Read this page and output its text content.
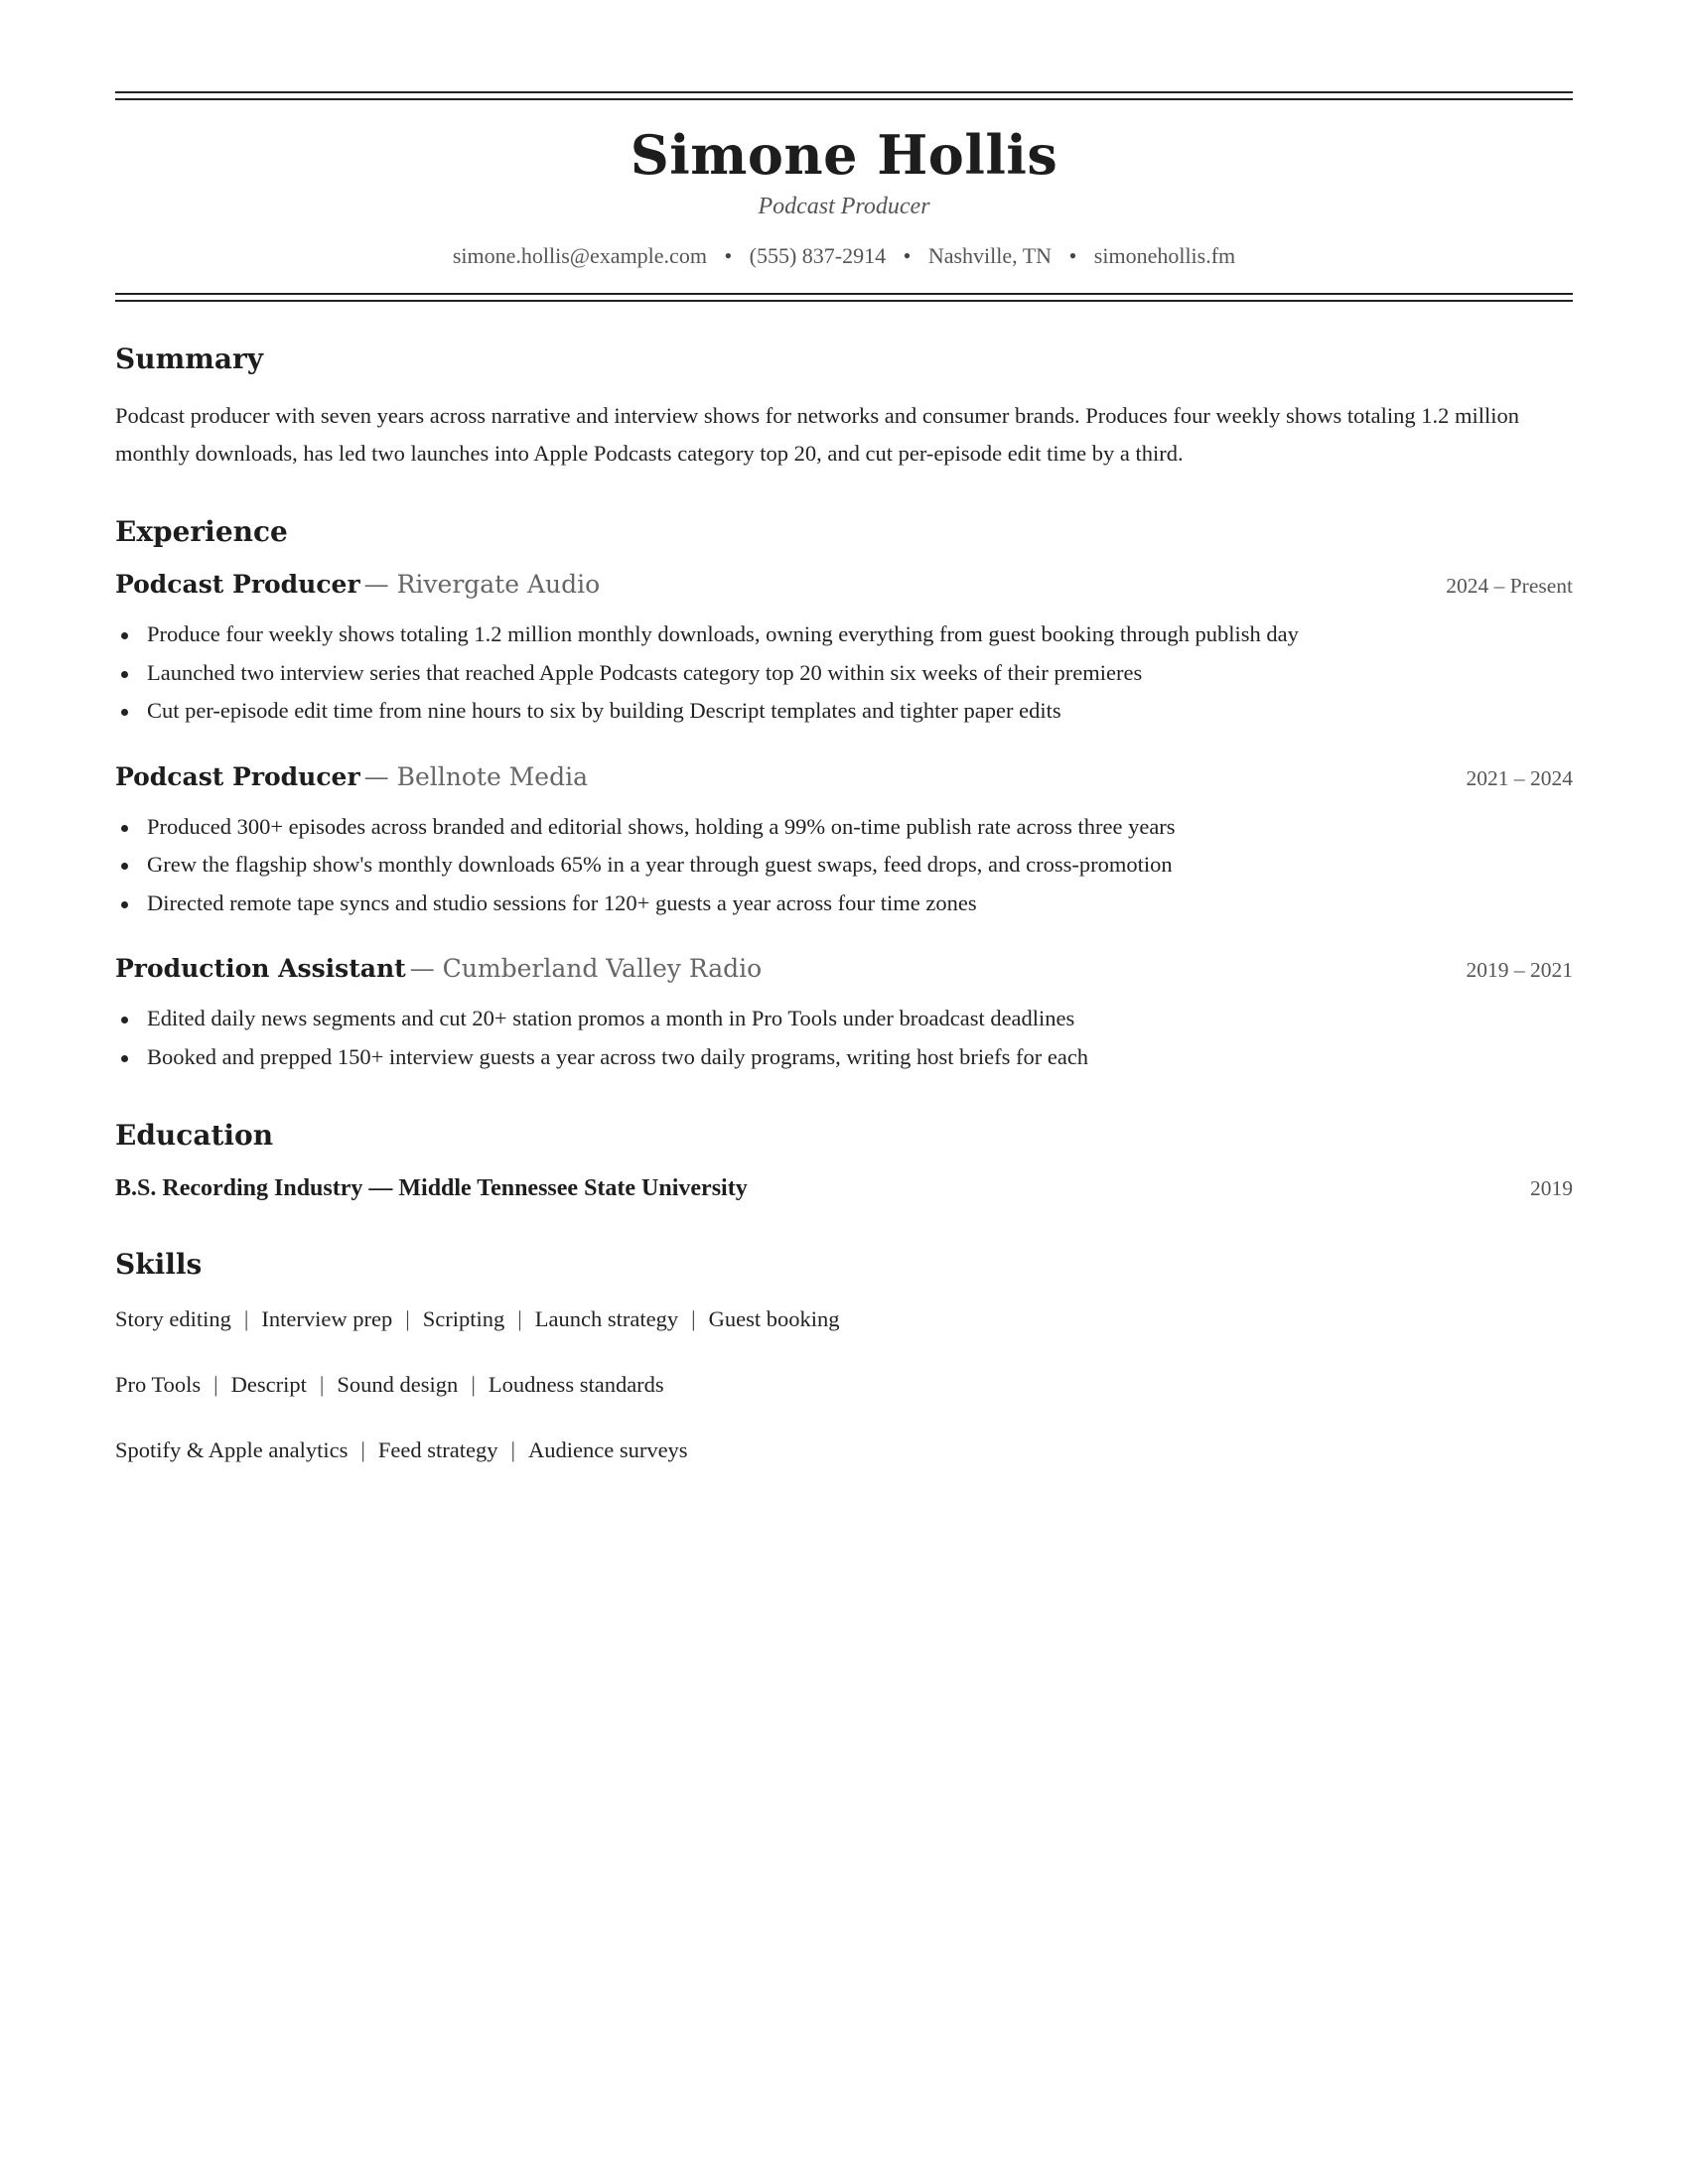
Simone Hollis
Podcast Producer
simone.hollis@example.com • (555) 837-2914 • Nashville, TN • simonehollis.fm
Summary
Podcast producer with seven years across narrative and interview shows for networks and consumer brands. Produces four weekly shows totaling 1.2 million monthly downloads, has led two launches into Apple Podcasts category top 20, and cut per-episode edit time by a third.
Experience
Podcast Producer — Rivergate Audio	2024 – Present
Produce four weekly shows totaling 1.2 million monthly downloads, owning everything from guest booking through publish day
Launched two interview series that reached Apple Podcasts category top 20 within six weeks of their premieres
Cut per-episode edit time from nine hours to six by building Descript templates and tighter paper edits
Podcast Producer — Bellnote Media	2021 – 2024
Produced 300+ episodes across branded and editorial shows, holding a 99% on-time publish rate across three years
Grew the flagship show's monthly downloads 65% in a year through guest swaps, feed drops, and cross-promotion
Directed remote tape syncs and studio sessions for 120+ guests a year across four time zones
Production Assistant — Cumberland Valley Radio	2019 – 2021
Edited daily news segments and cut 20+ station promos a month in Pro Tools under broadcast deadlines
Booked and prepped 150+ interview guests a year across two daily programs, writing host briefs for each
Education
B.S. Recording Industry — Middle Tennessee State University	2019
Skills
Story editing | Interview prep | Scripting | Launch strategy | Guest booking
Pro Tools | Descript | Sound design | Loudness standards
Spotify & Apple analytics | Feed strategy | Audience surveys
